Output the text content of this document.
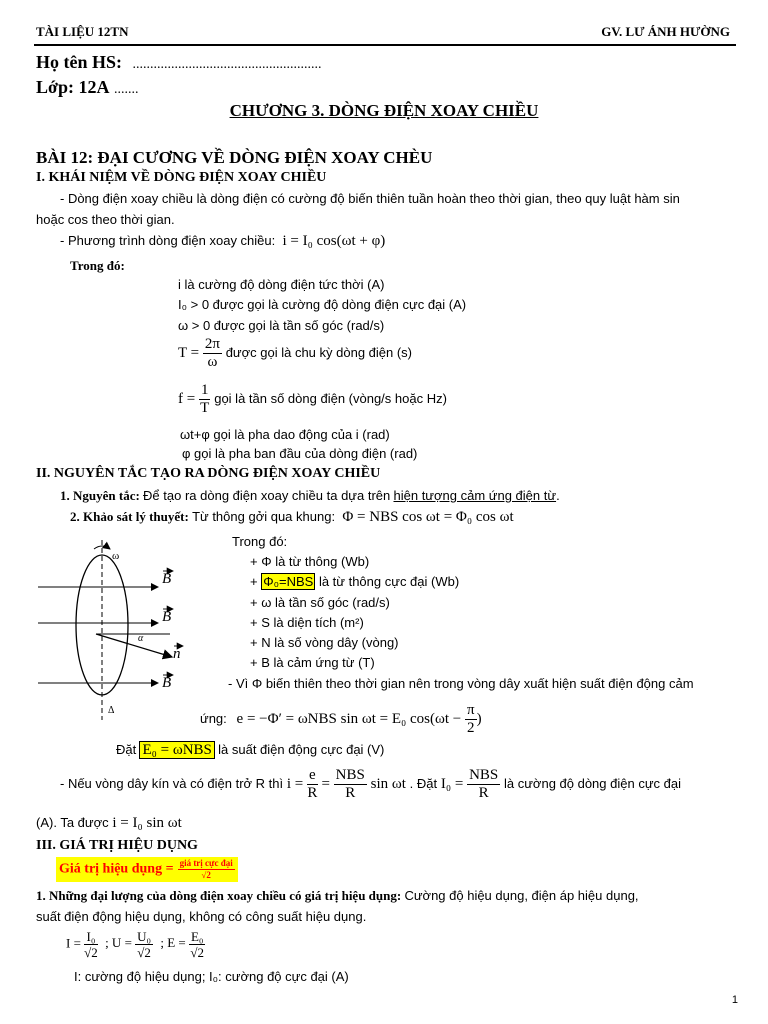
TÀI LIỆU 12TN	GV. LƯ ÁNH HƯỜNG
Họ tên HS: ......................................................
Lớp: 12A .......
CHƯƠNG 3. DÒNG ĐIỆN XOAY CHIỀU
BÀI 12: ĐẠI CƯƠNG VỀ DÒNG ĐIỆN XOAY CHÈU
I. KHÁI NIỆM VỀ DÒNG ĐIỆN XOAY CHIỀU
- Dòng điện xoay chiều là dòng điện có cường độ biến thiên tuần hoàn theo thời gian, theo quy luật hàm sin
hoặc cos theo thời gian.
- Phương trình dòng điện xoay chiều: i = I₀ cos(ωt + φ)
Trong đó:
i là cường độ dòng điện tức thời (A)
I₀ > 0 được gọi là cường độ dòng điện cực đại (A)
ω > 0 được gọi là tần số góc (rad/s)
$T = \frac{2\pi}{\omega}$ được gọi là chu kỳ dòng điện (s)
$f = \frac{1}{T}$ gọi là tần số dòng điện (vòng/s hoặc Hz)
ωt+φ gọi là pha dao động của i (rad)
φ gọi là pha ban đầu của dòng điện (rad)
II. NGUYÊN TẮC TẠO RA DÒNG ĐIỆN XOAY CHIỀU
1. Nguyên tắc: Để tạo ra dòng điện xoay chiều ta dựa trên hiện tượng cảm ứng điện từ.
2. Khảo sát lý thuyết: Từ thông gởi qua khung: Φ = NBS cos ωt = Φ₀ cos ωt
ω
α
B
B
B
n
Δ
Trong đó:
+ Φ là từ thông (Wb)
+ Φ₀=NBS là từ thông cực đại (Wb)
+ ω là tần số góc (rad/s)
+ S là diện tích (m²)
+ N là số vòng dây (vòng)
+ B là cảm ứng từ (T)
- Vì Φ biến thiên theo thời gian nên trong vòng dây xuất hiện suất điện động cảm
ứng: e = −Φ′ = ωNBS sin ωt = E₀ $\cos(\omega t - \frac{\pi}{2}$ )
Đặt E₀ = ωNBS là suất điện động cực đại (V)
- Nếu vòng dây kín và có điện trở R thì $i = \frac{e}{R} = \frac{\text{NBS}}{R}$ sin ωt . Đặt $I_0 = \frac{\text{NBS}}{R}$ là cường độ dòng điện cực đại
(A). Ta được i = I₀ sin ωt
III. GIÁ TRỊ HIỆU DỤNG
Giá trị hiệu dụng = $\frac{\text{giá trị cực đại}}{√2}$
1. Những đại lượng của dòng điện xoay chiều có giá trị hiệu dụng: Cường độ hiệu dụng, điện áp hiệu dụng,
suất điện động hiệu dụng, không có công suất hiệu dụng.
$I = \frac{\text{I₀}}{√2}$ ; $U = \frac{\text{U₀}}{√2}$ ; $E = \frac{\text{E₀}}{√2}$
I: cường độ hiệu dụng; I₀: cường độ cực đại (A)
1
